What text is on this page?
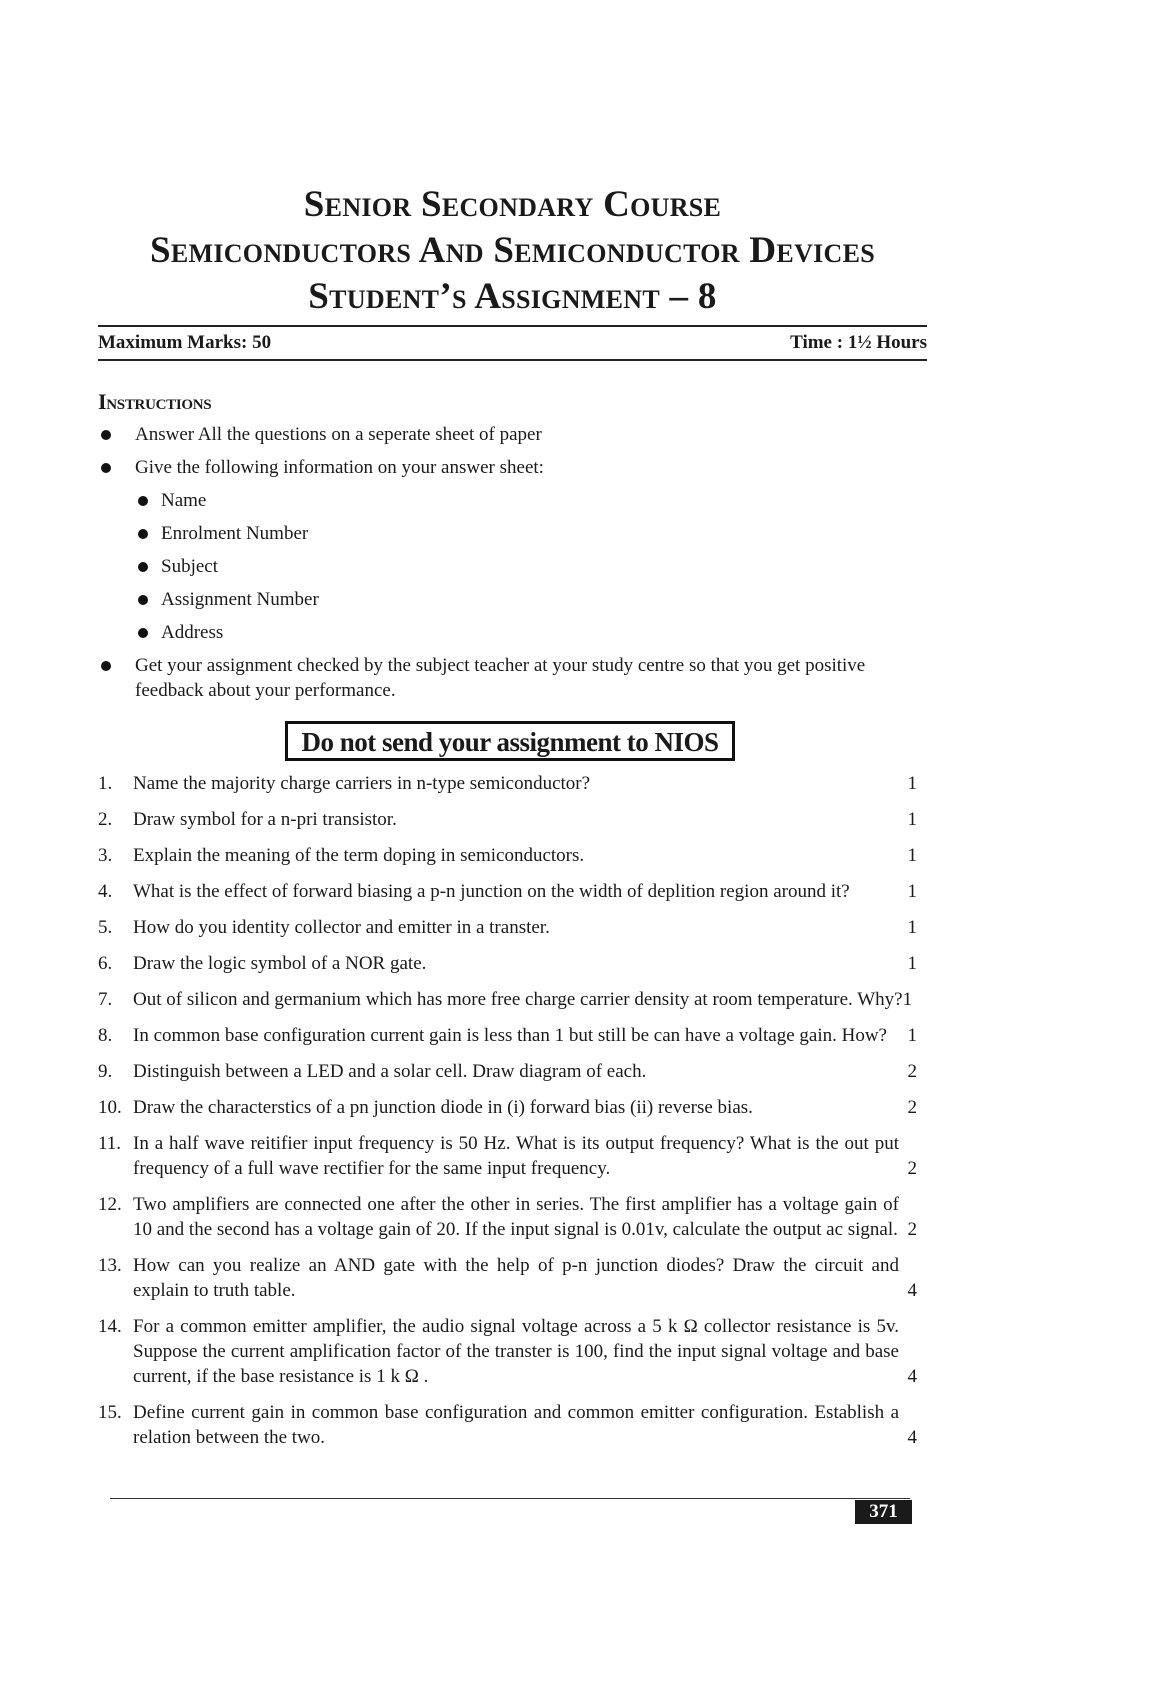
Senior Secondary Course
Semiconductors And Semiconductor Devices
Student’s Assignment – 8
Maximum Marks: 50	Time : 1½ Hours
Instructions
Answer All the questions on a seperate sheet of paper
Give the following information on your answer sheet:
Name
Enrolment Number
Subject
Assignment Number
Address
Get your assignment checked by the subject teacher at your study centre so that you get positive feedback about your performance.
Do not send your assignment to NIOS
1. Name the majority charge carriers in n-type semiconductor?	1
2. Draw symbol for a n-pri transistor.	1
3. Explain the meaning of the term doping in semiconductors.	1
4. What is the effect of forward biasing a p-n junction on the width of deplition region around it?	1
5. How do you identity collector and emitter in a transter.	1
6. Draw the logic symbol of a NOR gate.	1
7. Out of silicon and germanium which has more free charge carrier density at room temperature. Why?1
8. In common base configuration current gain is less than 1 but still be can have a voltage gain. How?	1
9. Distinguish between a LED and a solar cell. Draw diagram of each.	2
10. Draw the characterstics of a pn junction diode in (i) forward bias (ii) reverse bias.	2
11. In a half wave reitifier input frequency is 50 Hz. What is its output frequency? What is the out put frequency of a full wave rectifier for the same input frequency.	2
12. Two amplifiers are connected one after the other in series. The first amplifier has a voltage gain of 10 and the second has a voltage gain of 20. If the input signal is 0.01v, calculate the output ac signal. 2
13. How can you realize an AND gate with the help of p-n junction diodes? Draw the circuit and explain to truth table.	4
14. For a common emitter amplifier, the audio signal voltage across a 5 k Ω collector resistance is 5v. Suppose the current amplification factor of the transter is 100, find the input signal voltage and base current, if the base resistance is 1 k Ω .	4
15. Define current gain in common base configuration and common emitter configuration. Establish a relation between the two.	4
371
